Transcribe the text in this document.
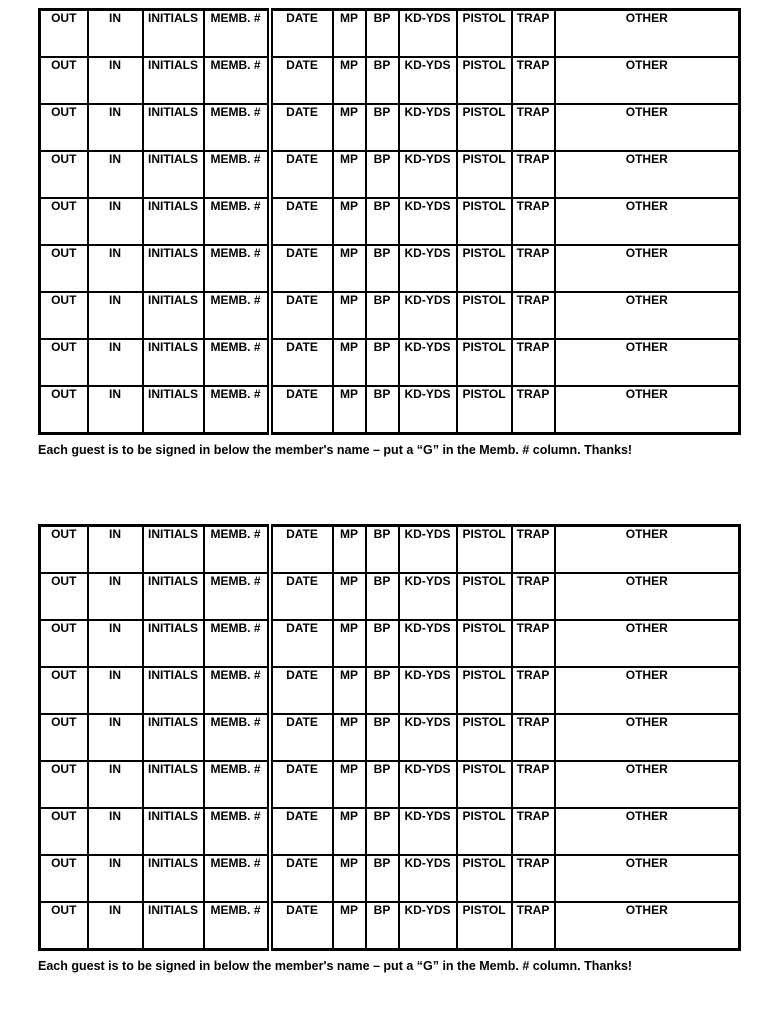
OUT	IN	INITIALS	MEMB. #	DATE	MP	BP	KD-YDS	PISTOL	TRAP	OTHER
OUT	IN	INITIALS	MEMB. #	DATE	MP	BP	KD-YDS	PISTOL	TRAP	OTHER
OUT	IN	INITIALS	MEMB. #	DATE	MP	BP	KD-YDS	PISTOL	TRAP	OTHER
OUT	IN	INITIALS	MEMB. #	DATE	MP	BP	KD-YDS	PISTOL	TRAP	OTHER
OUT	IN	INITIALS	MEMB. #	DATE	MP	BP	KD-YDS	PISTOL	TRAP	OTHER
OUT	IN	INITIALS	MEMB. #	DATE	MP	BP	KD-YDS	PISTOL	TRAP	OTHER
OUT	IN	INITIALS	MEMB. #	DATE	MP	BP	KD-YDS	PISTOL	TRAP	OTHER
OUT	IN	INITIALS	MEMB. #	DATE	MP	BP	KD-YDS	PISTOL	TRAP	OTHER
OUT	IN	INITIALS	MEMB. #	DATE	MP	BP	KD-YDS	PISTOL	TRAP	OTHER
Each guest is to be signed in below the member's name – put a “G” in the Memb. # column. Thanks!
OUT	IN	INITIALS	MEMB. #	DATE	MP	BP	KD-YDS	PISTOL	TRAP	OTHER
OUT	IN	INITIALS	MEMB. #	DATE	MP	BP	KD-YDS	PISTOL	TRAP	OTHER
OUT	IN	INITIALS	MEMB. #	DATE	MP	BP	KD-YDS	PISTOL	TRAP	OTHER
OUT	IN	INITIALS	MEMB. #	DATE	MP	BP	KD-YDS	PISTOL	TRAP	OTHER
OUT	IN	INITIALS	MEMB. #	DATE	MP	BP	KD-YDS	PISTOL	TRAP	OTHER
OUT	IN	INITIALS	MEMB. #	DATE	MP	BP	KD-YDS	PISTOL	TRAP	OTHER
OUT	IN	INITIALS	MEMB. #	DATE	MP	BP	KD-YDS	PISTOL	TRAP	OTHER
OUT	IN	INITIALS	MEMB. #	DATE	MP	BP	KD-YDS	PISTOL	TRAP	OTHER
OUT	IN	INITIALS	MEMB. #	DATE	MP	BP	KD-YDS	PISTOL	TRAP	OTHER
Each guest is to be signed in below the member's name – put a “G” in the Memb. # column. Thanks!
